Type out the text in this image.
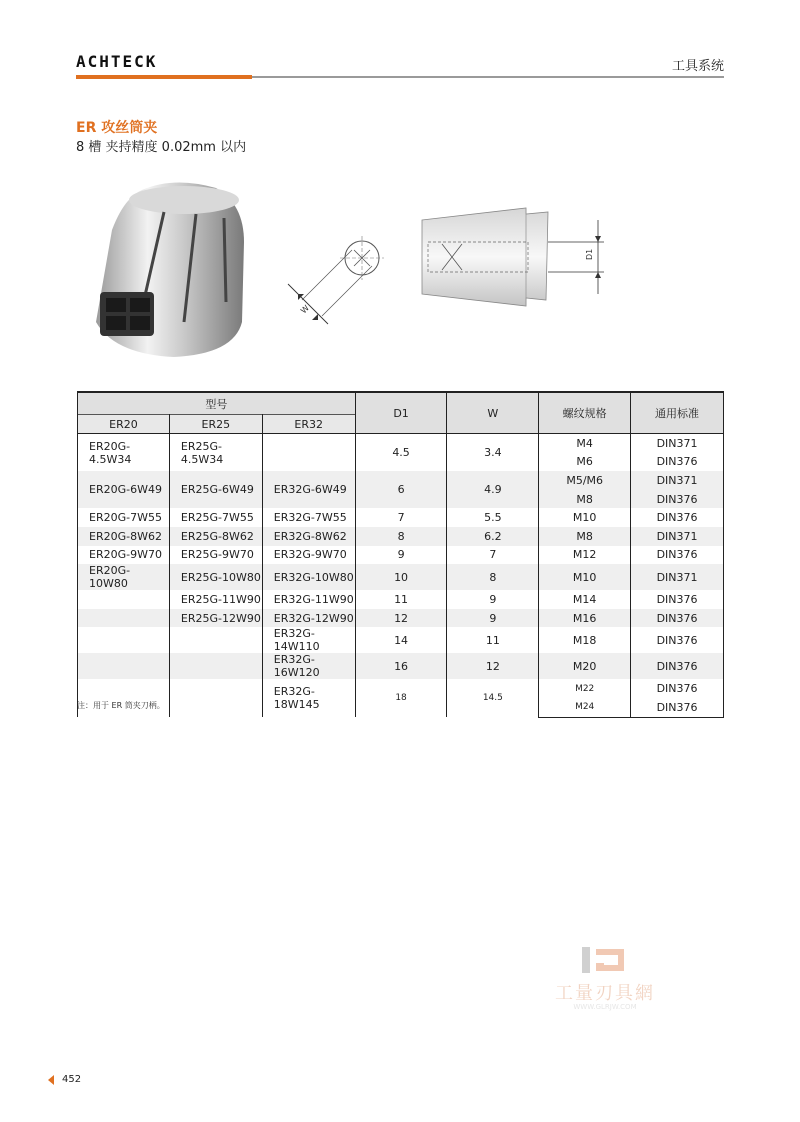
ACHTECK	工具系统
ER 攻丝筒夹
8 槽 夹持精度 0.02mm 以内
W
D1
型号			D1	W	螺纹规格	通用标准
ER20	ER25	ER32				
ER20G-4.5W34	ER25G-4.5W34		4.5	3.4	M4	DIN371
					M6	DIN376
ER20G-6W49	ER25G-6W49	ER32G-6W49	6	4.9	M5/M6	DIN371
					M8	DIN376
ER20G-7W55	ER25G-7W55	ER32G-7W55	7	5.5	M10	DIN376
ER20G-8W62	ER25G-8W62	ER32G-8W62	8	6.2	M8	DIN371
ER20G-9W70	ER25G-9W70	ER32G-9W70	9	7	M12	DIN376
ER20G-10W80	ER25G-10W80	ER32G-10W80	10	8	M10	DIN371
	ER25G-11W90	ER32G-11W90	11	9	M14	DIN376
	ER25G-12W90	ER32G-12W90	12	9	M16	DIN376
		ER32G-14W110	14	11	M18	DIN376
		ER32G-16W120	16	12	M20	DIN376
		ER32G-18W145	18	14.5	M22	DIN376
					M24	DIN376
注：用于 ER 筒夹刀柄。
工量刃具網
WWW.GLRJW.COM
452
